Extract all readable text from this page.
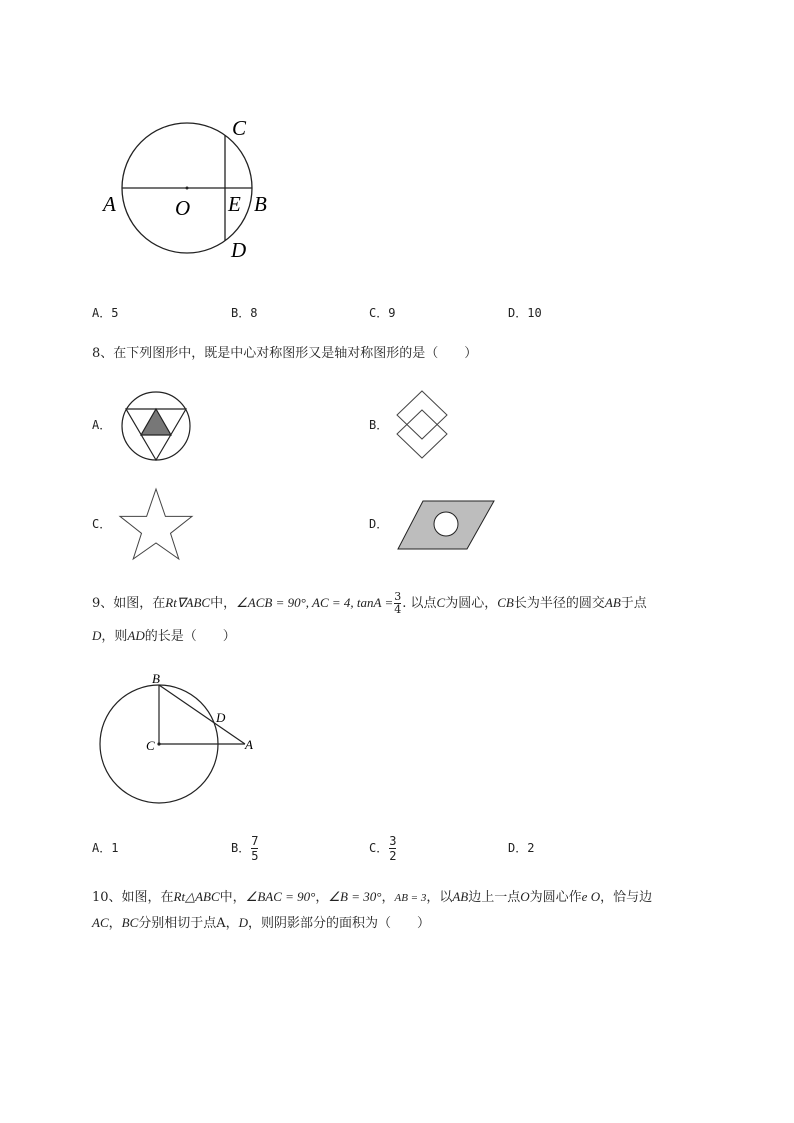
C
A	O E B
D
A．5	B．8	C．9	D．10
8、在下列图形中，既是中心对称图形又是轴对称图形的是（　　）
A．	B．
C．	D．
9、如图，在Rt∇ABC中，∠ACB = 90°, AC = 4, $\tan A = \frac{3}{4}$ . 以点C为圆心，CB长为半径的圆交AB于点
D，则AD的长是（　　）
B
D
C	A
A．1	B． $\frac{7}{5}$	C． $\frac{3}{2}$	D．2
10、如图，在Rt△ABC中，∠BAC = 90°，∠B = 30°，AB = 3，以AB边上一点O为圆心作e O，恰与边
AC，BC分别相切于点A，D，则阴影部分的面积为（　　）
